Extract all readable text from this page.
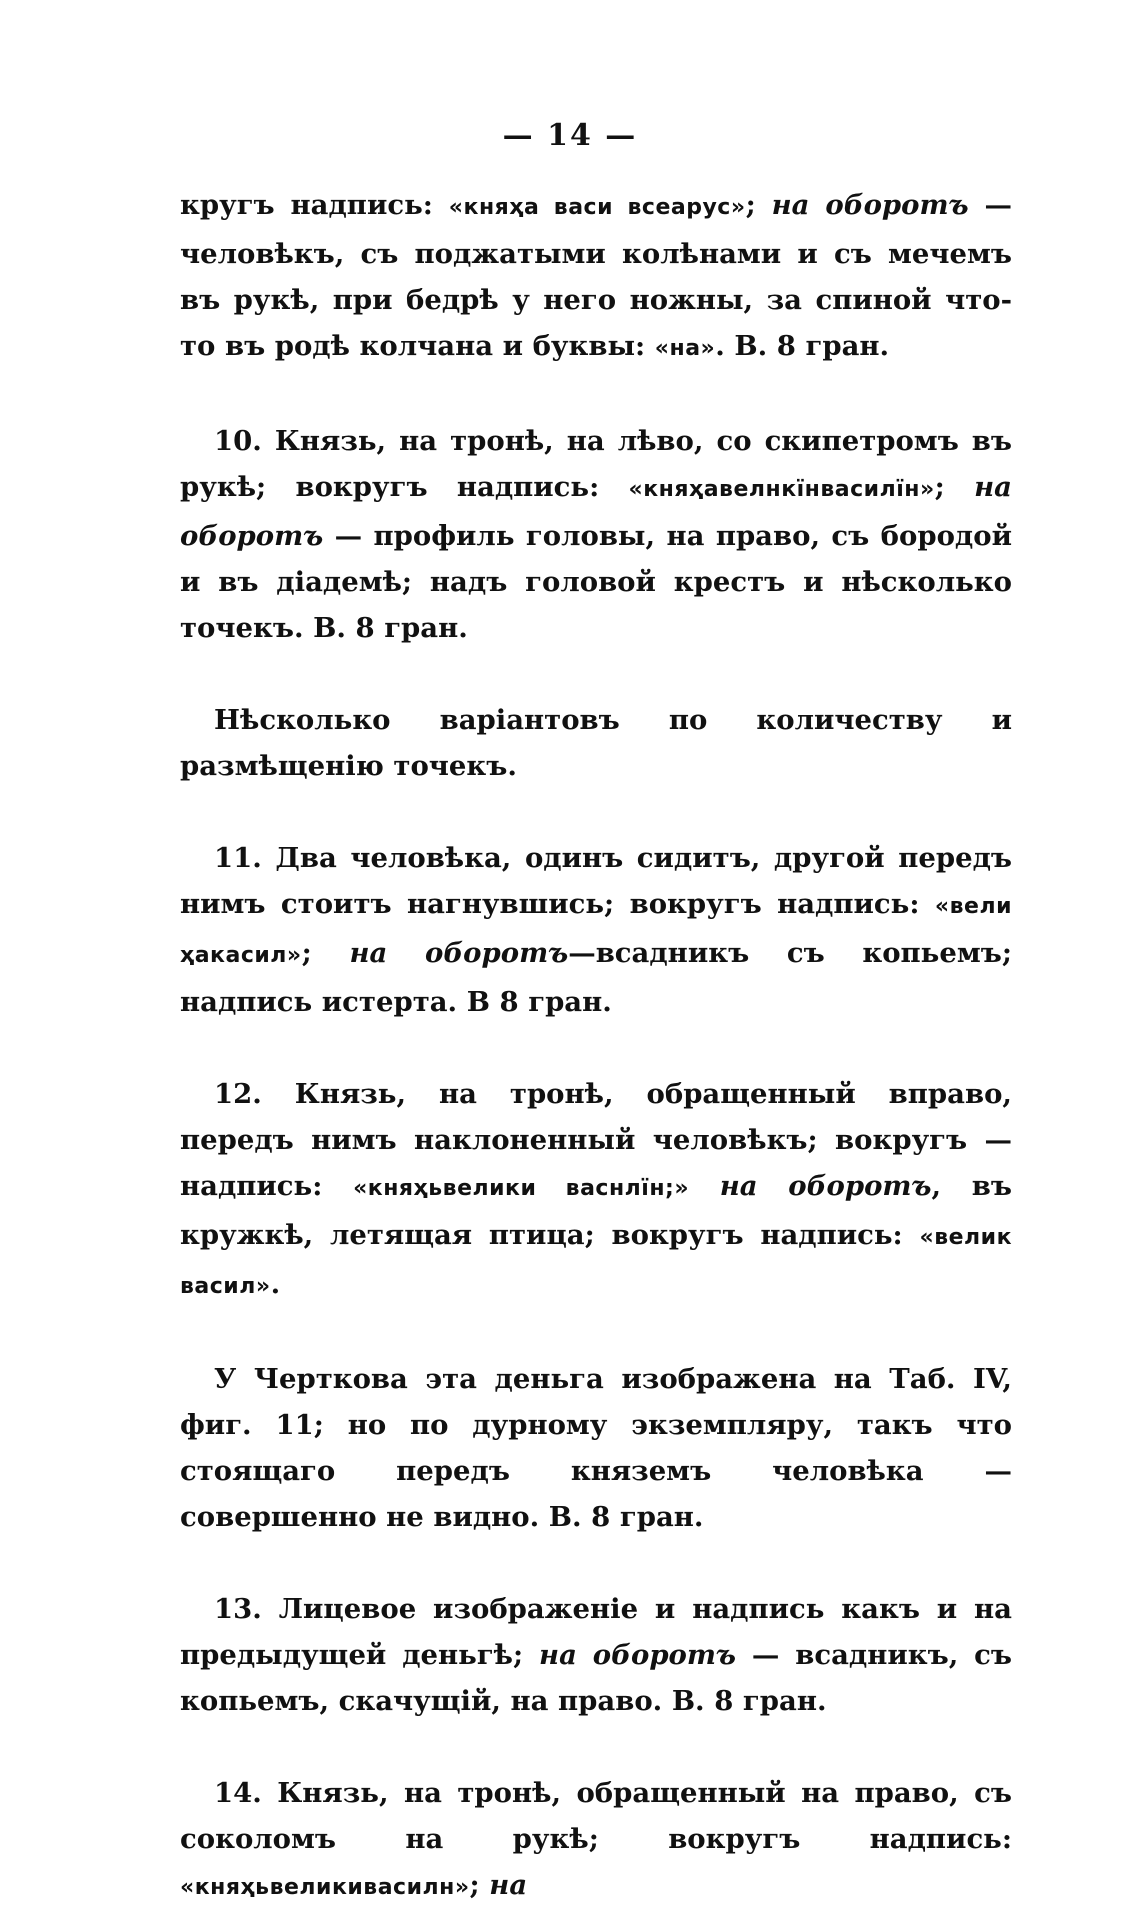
— 14 —

кругъ надпись: «княҳа васи всеарус»; на оборотъ — человѣкъ, съ поджатыми колѣнами и съ мечемъ въ рукѣ, при бедрѣ у него ножны, за спиной что-то въ родѣ колчана и буквы: «на». В. 8 гран.

10. Князь, на тронѣ, на лѣво, со скипетромъ въ рукѣ; вокругъ надпись: «княҳавелнкїнвасилїн»; на оборотъ — профиль головы, на право, съ бородой и въ діадемѣ; надъ головой крестъ и нѣсколько точекъ. В. 8 гран.

Нѣсколько варіантовъ по количеству и размѣщенію точекъ.

11. Два человѣка, одинъ сидитъ, другой передъ нимъ стоитъ нагнувшись; вокругъ надпись: «вели ҳакасил»; на оборотъ—всадникъ съ копьемъ; надпись истерта. В 8 гран.

12. Князь, на тронѣ, обращенный вправо, передъ нимъ наклоненный человѣкъ; вокругъ — надпись: «княҳьвелики васнлїн;» на оборотъ, въ кружкѣ, летящая птица; вокругъ надпись: «велик васил».

У Черткова эта деньга изображена на Таб. IV, фиг. 11; но по дурному экземпляру, такъ что стоящаго передъ княземъ человѣка — совершенно не видно. В. 8 гран.

13. Лицевое изображеніе и надпись какъ и на предыдущей деньгѣ; на оборотъ — всадникъ, съ копьемъ, скачущій, на право. В. 8 гран.

14. Князь, на тронѣ, обращенный на право, съ соколомъ на рукѣ; вокругъ надпись: «княҳьвеликивасилн»; на
